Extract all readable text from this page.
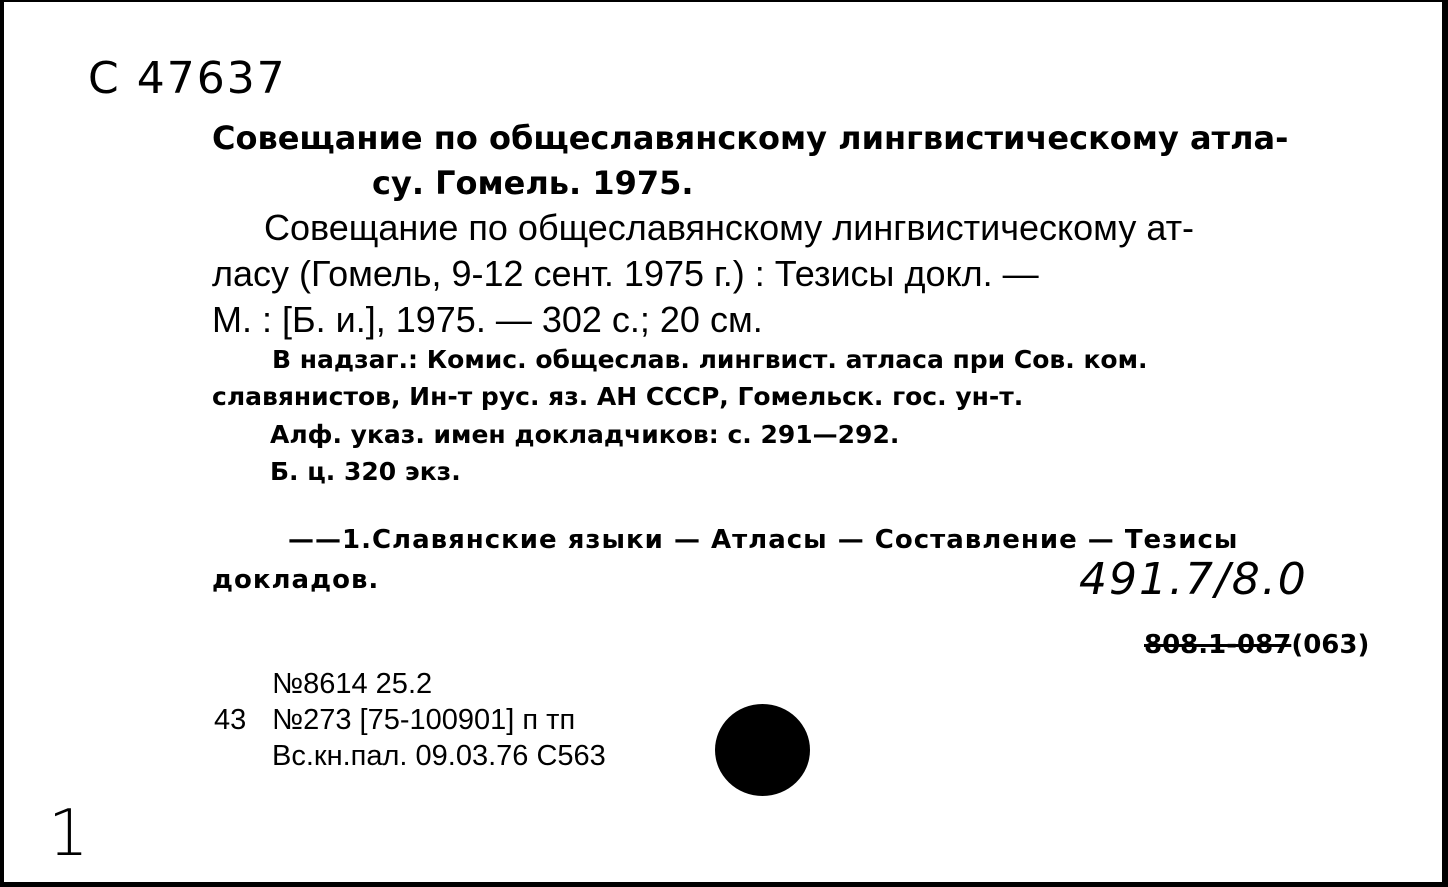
С 47637
Совещание по общеславянскому лингвистическому атла-
су. Гомель. 1975.
Совещание по общеславянскому лингвистическому ат-
ласу (Гомель, 9-12 сент. 1975 г.) : Тезисы докл. —
М. : [Б. и.], 1975. — 302 с.; 20 см.
В надзаг.: Комис. общеслав. лингвист. атласа при Сов. ком.
славянистов, Ин-т рус. яз. АН СССР, Гомельск. гос. ун-т.
Алф. указ. имен докладчиков: с. 291—292.
Б. ц. 320 экз.
——1.Славянские языки — Атласы — Составление — Тезисы
докладов.	491.7/8.0
808.1-087(063)
№8614 25.2
43 №273 [75-100901] п тп
Вс.кн.пал. 09.03.76 С563
1
